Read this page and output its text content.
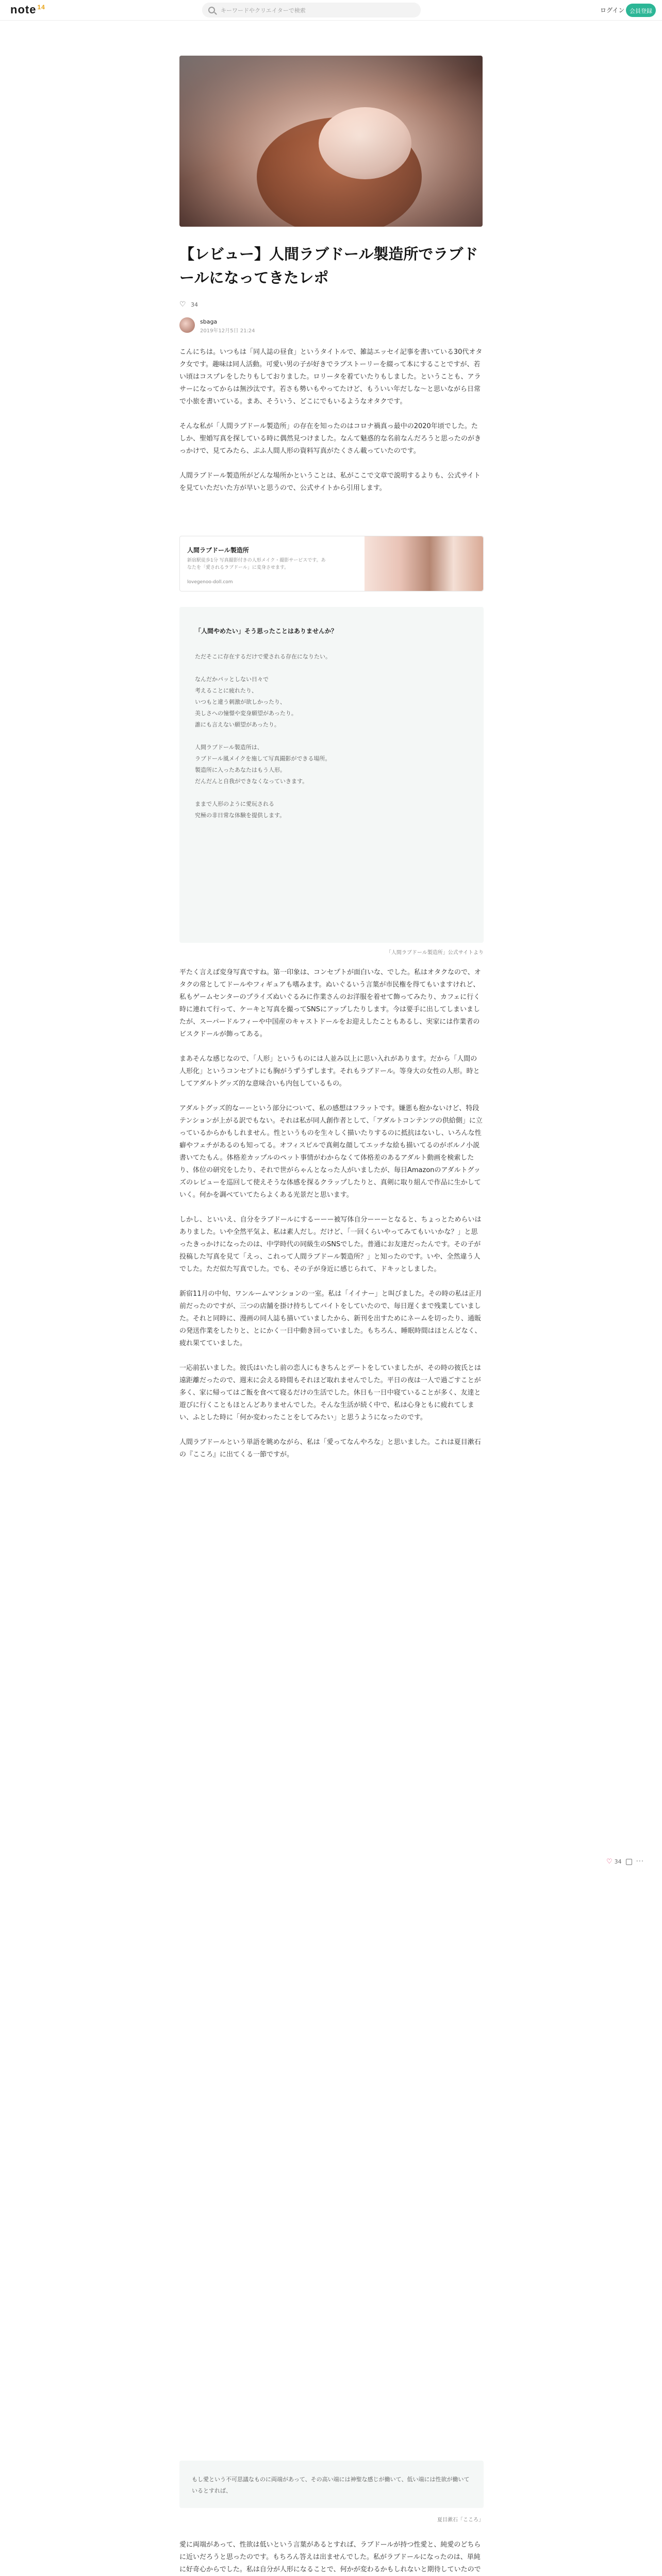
note $^{14}$	キーワードやクリエイターで検索	ログイン 会員登録
【レビュー】人間ラブドール製造所でラブドールになってきたレポ
♡ 34
sbaga
2019年12月5日 21:24

こんにちは。いつもは「同人誌の昼食」というタイトルで、雑誌エッセイ記事を書いている30代オタク女です。趣味は同人活動。可愛い男の子が好きでラブストーリーを綴って本にすることですが、若い頃はコスプレをしたりもしておりました。ロリータを着ていたりもしました。ということも、アラサーになってからは無沙汰です。若さも勢いもやってたけど、もういい年だしな〜と思いながら日常で小旅を書いている。まあ、そういう、どこにでもいるようなオタクです。

そんな私が「人間ラブドール製造所」の存在を知ったのはコロナ禍真っ最中の2020年頃でした。たしか、聖婚写真を探している時に偶然見つけました。なんて魅惑的な名前なんだろうと思ったのがきっかけで、見てみたら、ぷふ人間人形の資料写真がたくさん載っていたのです。

人間ラブドール製造所がどんな場所かということは、私がここで文章で説明するよりも、公式サイトを見ていただいた方が早いと思うので、公式サイトから引用します。

人間ラブドール製造所
新宿駅徒歩1分 写真撮影付きの人形メイク・撮影サービスです。あなたを「愛されるラブドール」に変身させます。
lovegenoo-doll.com
「人間やめたい」そう思ったことはありませんか？
ただそこに存在するだけで愛される存在になりたい。
なんだかパッとしない日々で
考えることに疲れたり、
いつもと違う刺激が欲しかったり、
美しさへの憧憬や変身願望があったり。
誰にも言えない願望があったり。
人間ラブドール製造所は、
ラブドール風メイクを施して写真撮影ができる場所。
製造所に入ったあなたはもう人形。
だんだんと自我ができなくなっていきます。
ままで人形のように愛玩される
究極の非日常な体験を提供します。
「人間ラブドール製造所」公式サイトより

平たく言えば変身写真ですね。第一印象は、コンセプトが面白いな、でした。私はオタクなので、オタクの常としてドールやフィギュアも嗜みます。ぬいぐるいう言葉が市民権を得てもいますけれど、私もゲームセンターのプライズぬいぐるみに作業さんのお洋服を着せて飾ってみたり、カフェに行く時に連れて行って、ケーキと写真を撮ってSNSにアップしたりします。今は要手に出してしまいましたが、スーパードルフィーや中国産のキャストドールをお迎えしたこともあるし、実家には作業者のビスクドールが飾ってある。

まあそんな感じなので、「人形」というものには人並み以上に思い入れがあります。だから「人間の人形化」というコンセプトにも胸がうずうずします。それもラブドール。等身大の女性の人形。時としてアダルトグッズ的な意味合いも内包しているもの。

アダルトグッズ的なーーという部分について、私の感想はフラットです。嫌悪も抱かないけど、特段テンションが上がる訳でもない。それは私が同人創作者として、「アダルトコンテンツの供給側」に立っているからかもしれません。性というものを生々しく描いたりするのに抵抗はないし、いろんな性癖やフェチがあるのも知ってる。オフィスピルで真剣な顔してエッチな絵も描いてるのがボルノ小説書いてたもん。体格差カップルのペット事情がわからなくて体格差のあるアダルト動画を検索したり、体位の研究をしたり、それで世がらゃんとなった人がいましたが、毎日Amazonのアダルトグッズのレビューを巡回して使えそうな体感を探るクラップしたりと、真剣に取り組んで作品に生かしていく。何かを調べていてたらよくある光景だと思います。

しかし、といいえ、自分をラブドールにするーーー被写体自分ーーーとなると、ちょっとためらいはありました。いや全然平気よ、私は素人だし。だけど、「一回くらいやってみてもいいかな？」と思ったきっかけになったのは、中学時代の同級生のSNSでした。普通にお友達だったんです。その子が投稿した写真を見て「えっ、これって人間ラブドール製造所？」と知ったのです。いや、全然違う人でした。ただ似た写真でした。でも、その子が身近に感じられて、ドキッとしました。

新宿11月の中旬、ワンルームマンションの一室。私は「イイナー」と叫びました。その時の私は正月前だったのですが、三つの店舗を掛け持ちしてバイトをしていたので、毎日遅くまで残業していました。それと同時に、漫画の同人誌も描いていましたから、新刊を出すためにネームを切ったり、通販の発送作業をしたりと、とにかく一日中動き回っていました。もちろん、睡眠時間はほとんどなく、疲れ果てていました。

一応前払いました。彼氏はいたし前の恋人にもきちんとデートをしていましたが、その時の彼氏とは遠距離だったので、週末に会える時間もそれほど取れませんでした。平日の夜は一人で過ごすことが多く、家に帰ってはご飯を食べて寝るだけの生活でした。休日も一日中寝ていることが多く、友達と遊びに行くこともほとんどありませんでした。そんな生活が続く中で、私は心身ともに疲れてしまい、ふとした時に「何か変わったことをしてみたい」と思うようになったのです。

人間ラブドールという単語を眺めながら、私は「愛ってなんやろな」と思いました。これは夏目漱石の『こころ』に出てくる一節ですが。

もし愛という不可思議なものに両端があって、その高い端には神聖な感じが働いて、低い端には性欲が働いているとすれば、
夏目漱石「こころ」

愛に両端があって、性欲は低いという言葉があるとすれば、ラブドールが持つ性愛と、純愛のどちらに近いだろうと思ったのです。もちろん答えは出ませんでした。私がラブドールになったのは、単純に好奇心からでした。私は自分が人形になることで、何かが変わるかもしれないと期待していたので

♡ 34 ···
